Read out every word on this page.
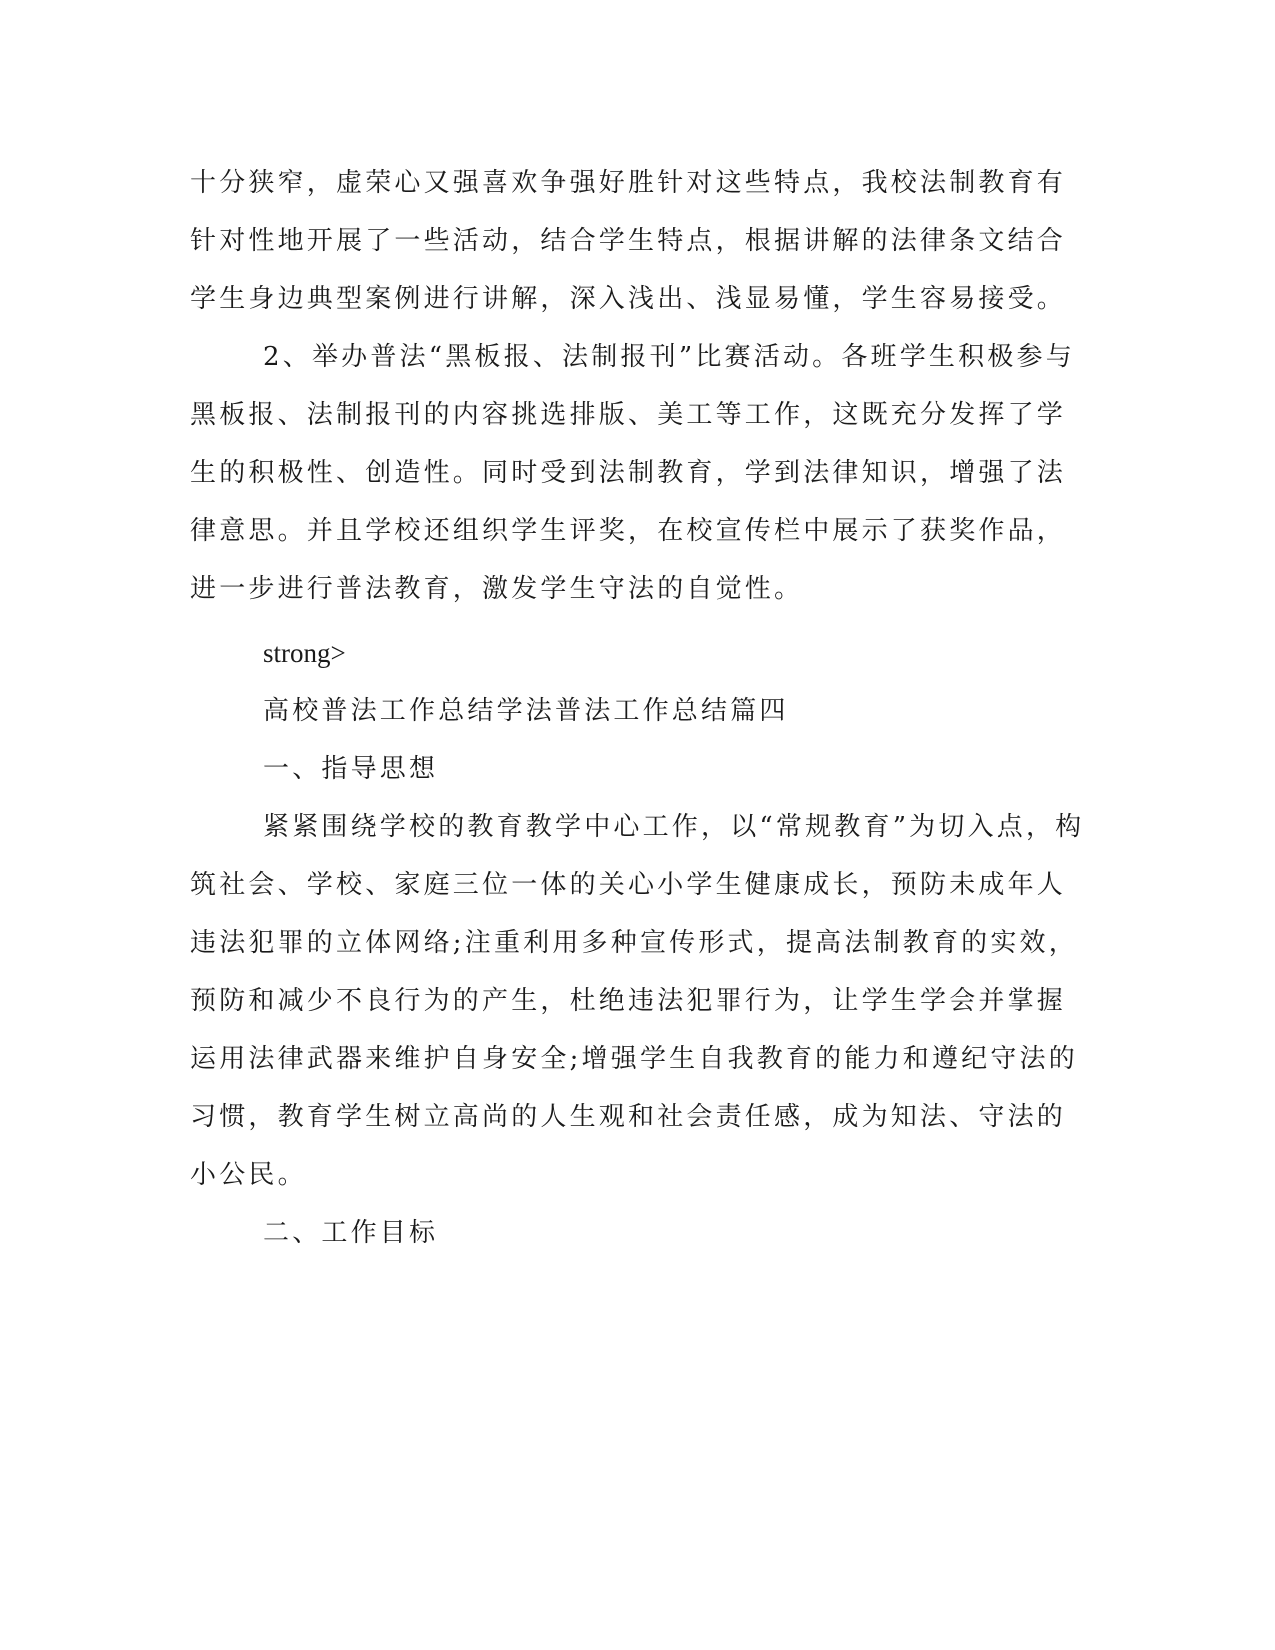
十分狭窄，虚荣心又强喜欢争强好胜针对这些特点，我校法制教育有
针对性地开展了一些活动，结合学生特点，根据讲解的法律条文结合
学生身边典型案例进行讲解，深入浅出、浅显易懂，学生容易接受。
2、举办普法“黑板报、法制报刊”比赛活动。各班学生积极参与
黑板报、法制报刊的内容挑选排版、美工等工作，这既充分发挥了学
生的积极性、创造性。同时受到法制教育，学到法律知识，增强了法
律意思。并且学校还组织学生评奖，在校宣传栏中展示了获奖作品，
进一步进行普法教育，激发学生守法的自觉性。
strong>
高校普法工作总结学法普法工作总结篇四
一、指导思想
紧紧围绕学校的教育教学中心工作，以“常规教育”为切入点，构
筑社会、学校、家庭三位一体的关心小学生健康成长，预防未成年人
违法犯罪的立体网络;注重利用多种宣传形式，提高法制教育的实效，
预防和减少不良行为的产生，杜绝违法犯罪行为，让学生学会并掌握
运用法律武器来维护自身安全;增强学生自我教育的能力和遵纪守法的
习惯，教育学生树立高尚的人生观和社会责任感，成为知法、守法的
小公民。
二、工作目标
